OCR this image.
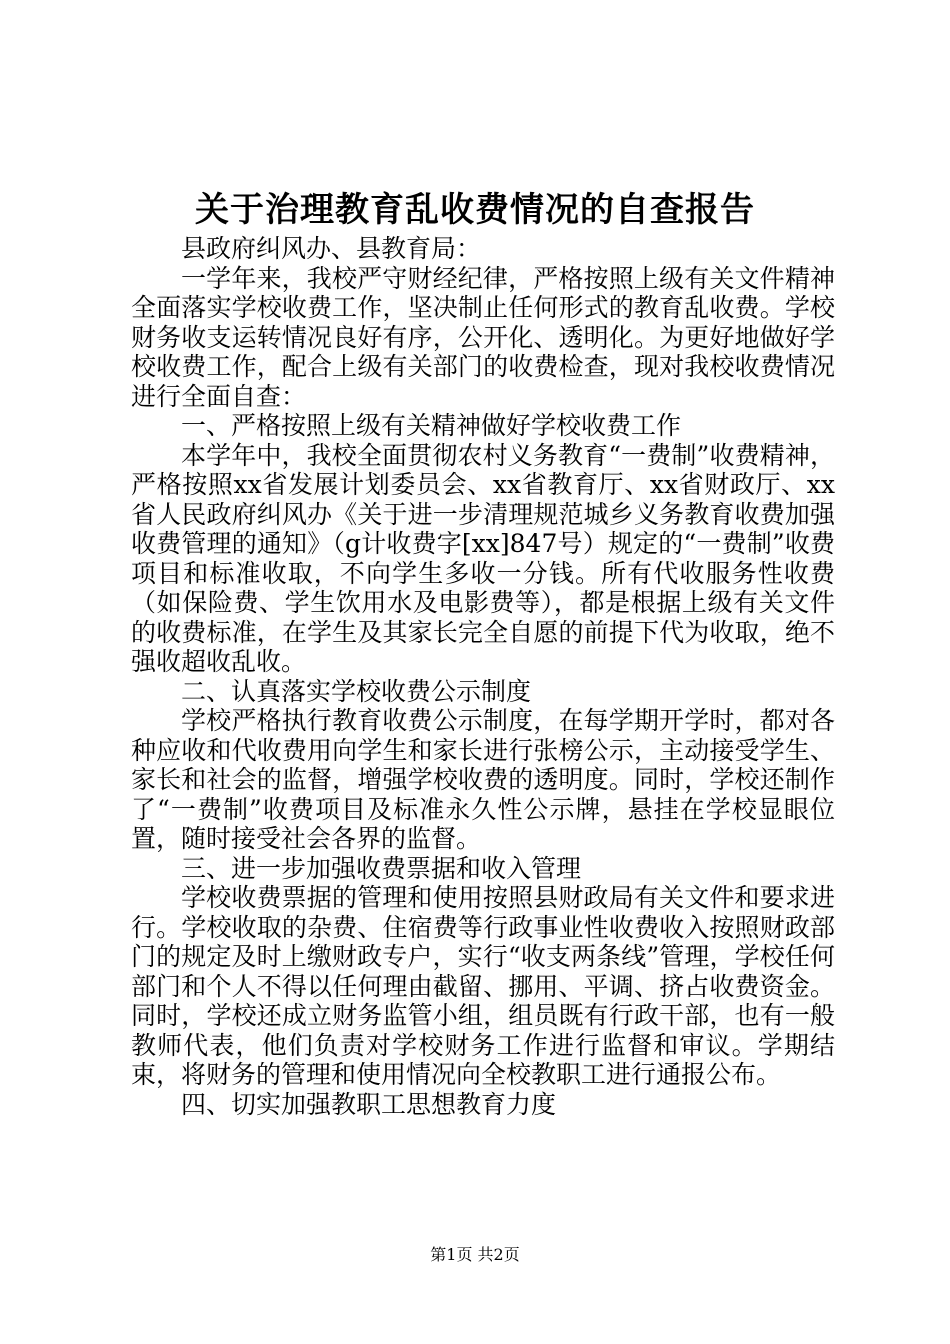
关于治理教育乱收费情况的自查报告

县政府纠风办、县教育局：

一学年来，我校严守财经纪律，严格按照上级有关文件精神全面落实学校收费工作，坚决制止任何形式的教育乱收费。学校财务收支运转情况良好有序，公开化、透明化。为更好地做好学校收费工作，配合上级有关部门的收费检查，现对我校收费情况进行全面自查：

一、严格按照上级有关精神做好学校收费工作

本学年中，我校全面贯彻农村义务教育“一费制”收费精神，严格按照xx省发展计划委员会、xx省教育厅、xx省财政厅、xx省人民政府纠风办《关于进一步清理规范城乡义务教育收费加强收费管理的通知》（g计收费字[xx]847号）规定的“一费制”收费项目和标准收取，不向学生多收一分钱。所有代收服务性收费（如保险费、学生饮用水及电影费等），都是根据上级有关文件的收费标准，在学生及其家长完全自愿的前提下代为收取，绝不强收超收乱收。

二、认真落实学校收费公示制度

学校严格执行教育收费公示制度，在每学期开学时，都对各种应收和代收费用向学生和家长进行张榜公示，主动接受学生、家长和社会的监督，增强学校收费的透明度。同时，学校还制作了“一费制”收费项目及标准永久性公示牌，悬挂在学校显眼位置，随时接受社会各界的监督。

三、进一步加强收费票据和收入管理

学校收费票据的管理和使用按照县财政局有关文件和要求进行。学校收取的杂费、住宿费等行政事业性收费收入按照财政部门的规定及时上缴财政专户，实行“收支两条线”管理，学校任何部门和个人不得以任何理由截留、挪用、平调、挤占收费资金。同时，学校还成立财务监管小组，组员既有行政干部，也有一般教师代表，他们负责对学校财务工作进行监督和审议。学期结束，将财务的管理和使用情况向全校教职工进行通报公布。

四、切实加强教职工思想教育力度

第1页 共2页
